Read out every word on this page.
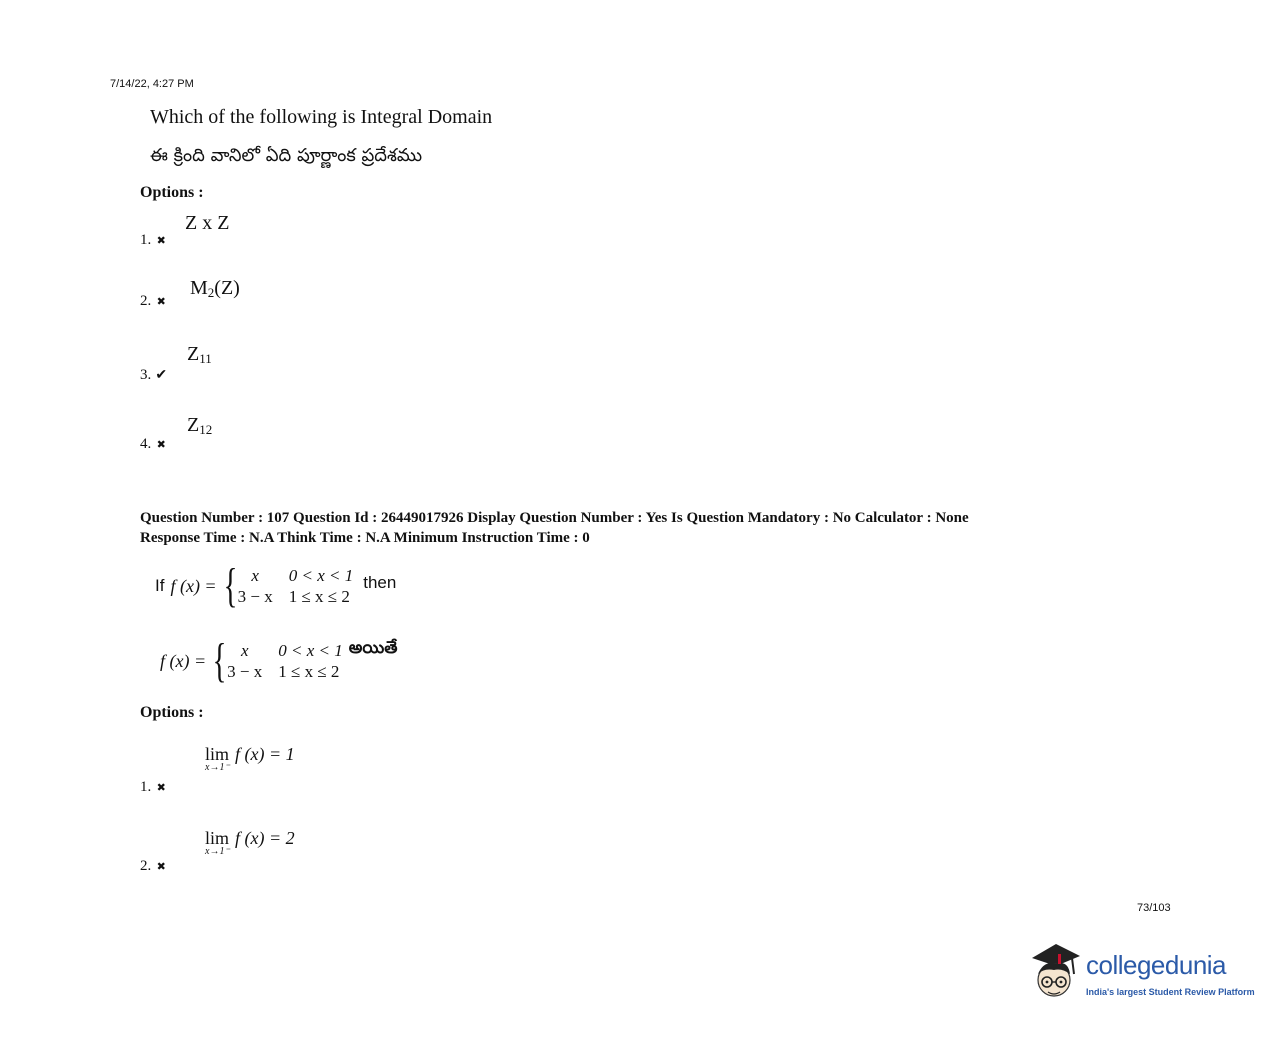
7/14/22, 4:27 PM
Which of the following is Integral Domain
ఈ క్రింది వానిలో ఏది పూర్ణాంక ప్రదేశము
Options :
Z x Z
1. ✖
$M_2(Z)$
2. ✖
$Z_{11}$
3. ✔
$Z_{12}$
4. ✖
Question Number : 107 Question Id : 26449017926 Display Question Number : Yes Is Question Mandatory : No Calculator : None
Response Time : N.A Think Time : N.A Minimum Instruction Time : 0
If f (x) = { x	0 < x < 1
3 − x 1 ≤ x ≤ 2
then
f (x) = { x	0 < x < 1
3 − x 1 ≤ x ≤ 2
అయితే
Options :
lim f (x) = 1
x→1⁻
1. ✖
lim f (x) = 2
x→1⁻
2. ✖
73/103
collegedunia
India's largest Student Review Platform
